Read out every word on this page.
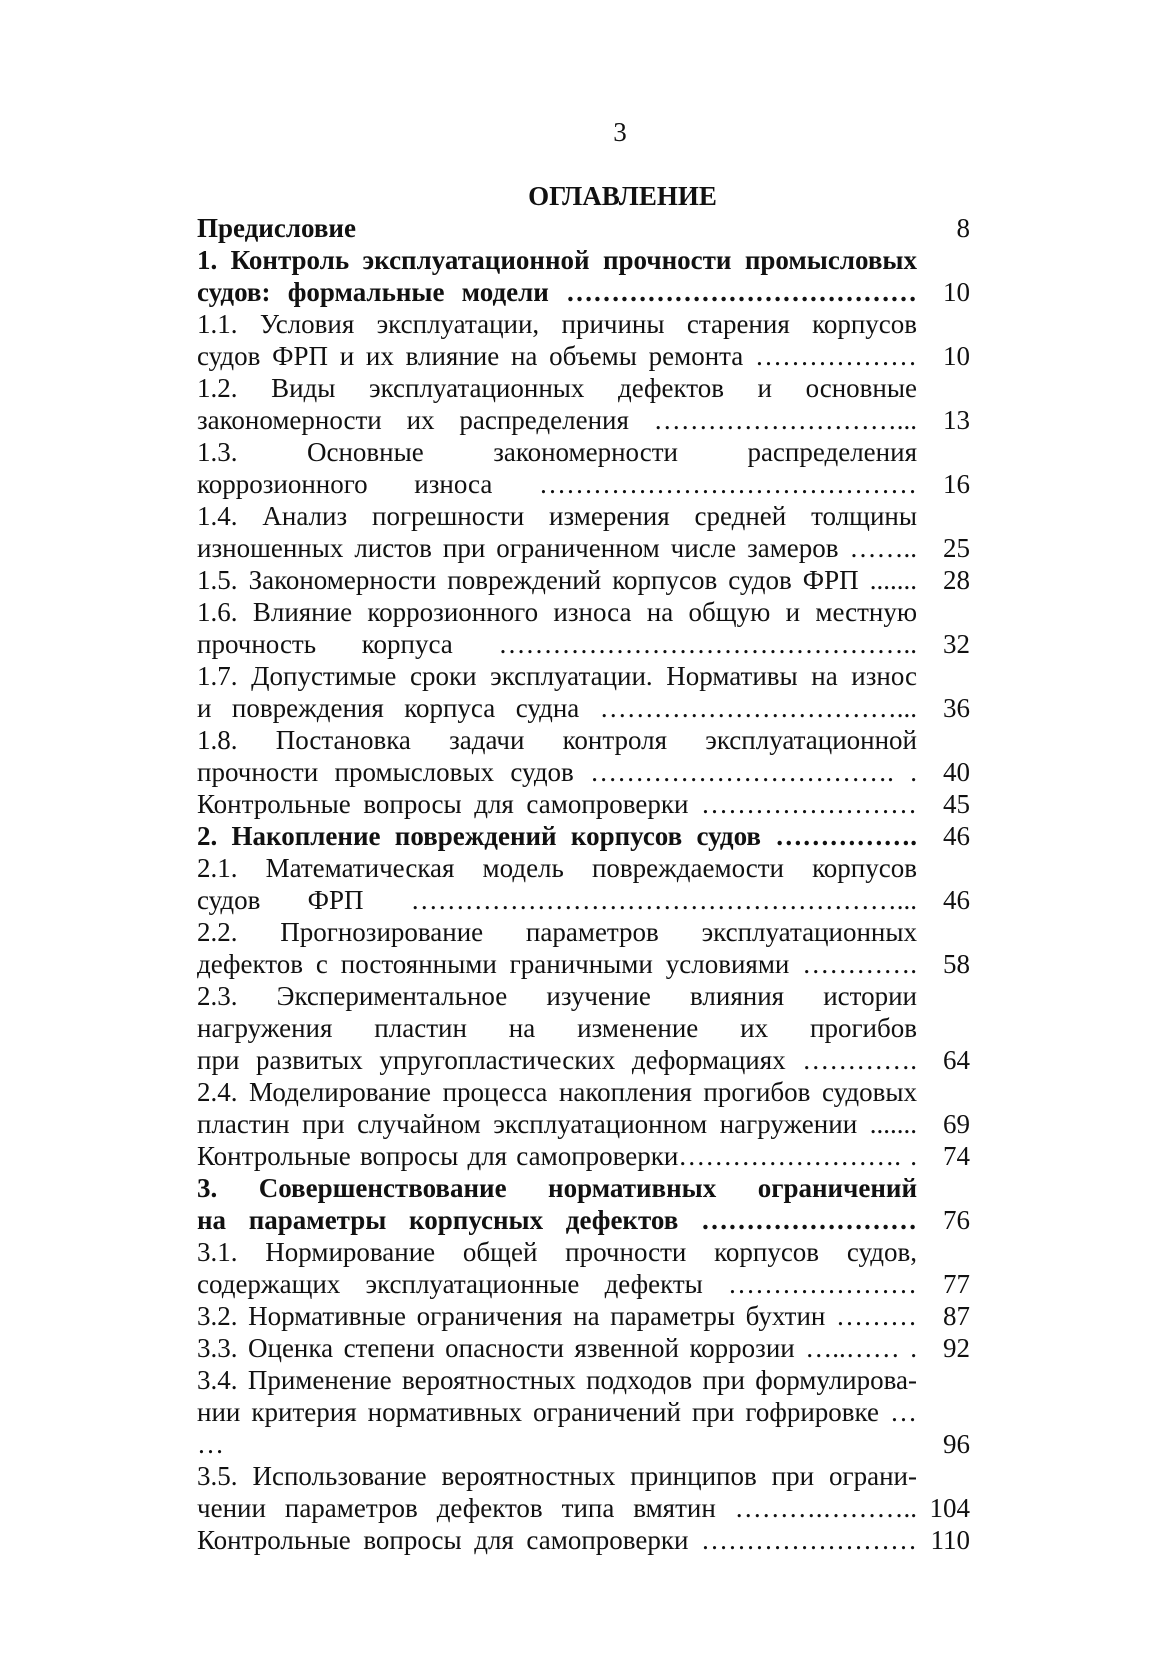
3
ОГЛАВЛЕНИЕ
Предисловие	8
1. Контроль эксплуатационной прочности промысловых
судов: формальные модели ………………………………… 10
1.1. Условия эксплуатации, причины старения корпусов
судов ФРП и их влияние на объемы ремонта ……………… 10
1.2. Виды эксплуатационных дефектов и основные
закономерности их распределения ………………………... 13
1.3. Основные закономерности распределения
коррозионного износа …………………………………… 16
1.4. Анализ погрешности измерения средней толщины
изношенных листов при ограниченном числе замеров …….. 25
1.5. Закономерности повреждений корпусов судов ФРП ....... 28
1.6. Влияние коррозионного износа на общую и местную
прочность корпуса ……………………………………….. 32
1.7. Допустимые сроки эксплуатации. Нормативы на износ
и повреждения корпуса судна ……………………………... 36
1.8. Постановка задачи контроля эксплуатационной
прочности промысловых судов ……………………………. . 40
Контрольные вопросы для самопроверки …………………… 45
2. Накопление повреждений корпусов судов ……………. 46
2.1. Математическая модель повреждаемости корпусов
судов ФРП ………………………………………………... 46
2.2. Прогнозирование параметров эксплуатационных
дефектов с постоянными граничными условиями …………. 58
2.3. Экспериментальное изучение влияния истории
нагружения пластин на изменение их прогибов
при развитых упругопластических деформациях …………. 64
2.4. Моделирование процесса накопления прогибов судовых
пластин при случайном эксплуатационном нагружении ....... 69
Контрольные вопросы для самопроверки……………………. . 74
3. Совершенствование нормативных ограничений
на параметры корпусных дефектов …………………… 76
3.1. Нормирование общей прочности корпусов судов,
содержащих эксплуатационные дефекты ………………… 77
3.2. Нормативные ограничения на параметры бухтин ……… 87
3.3. Оценка степени опасности язвенной коррозии …..…… . 92
3.4. Применение вероятностных подходов при формулирова-
нии критерия нормативных ограничений при гофрировке … …	96
3.5. Использование вероятностных принципов при ограни-
чении параметров дефектов типа вмятин ……….……….. 104
Контрольные вопросы для самопроверки …………………… 110
